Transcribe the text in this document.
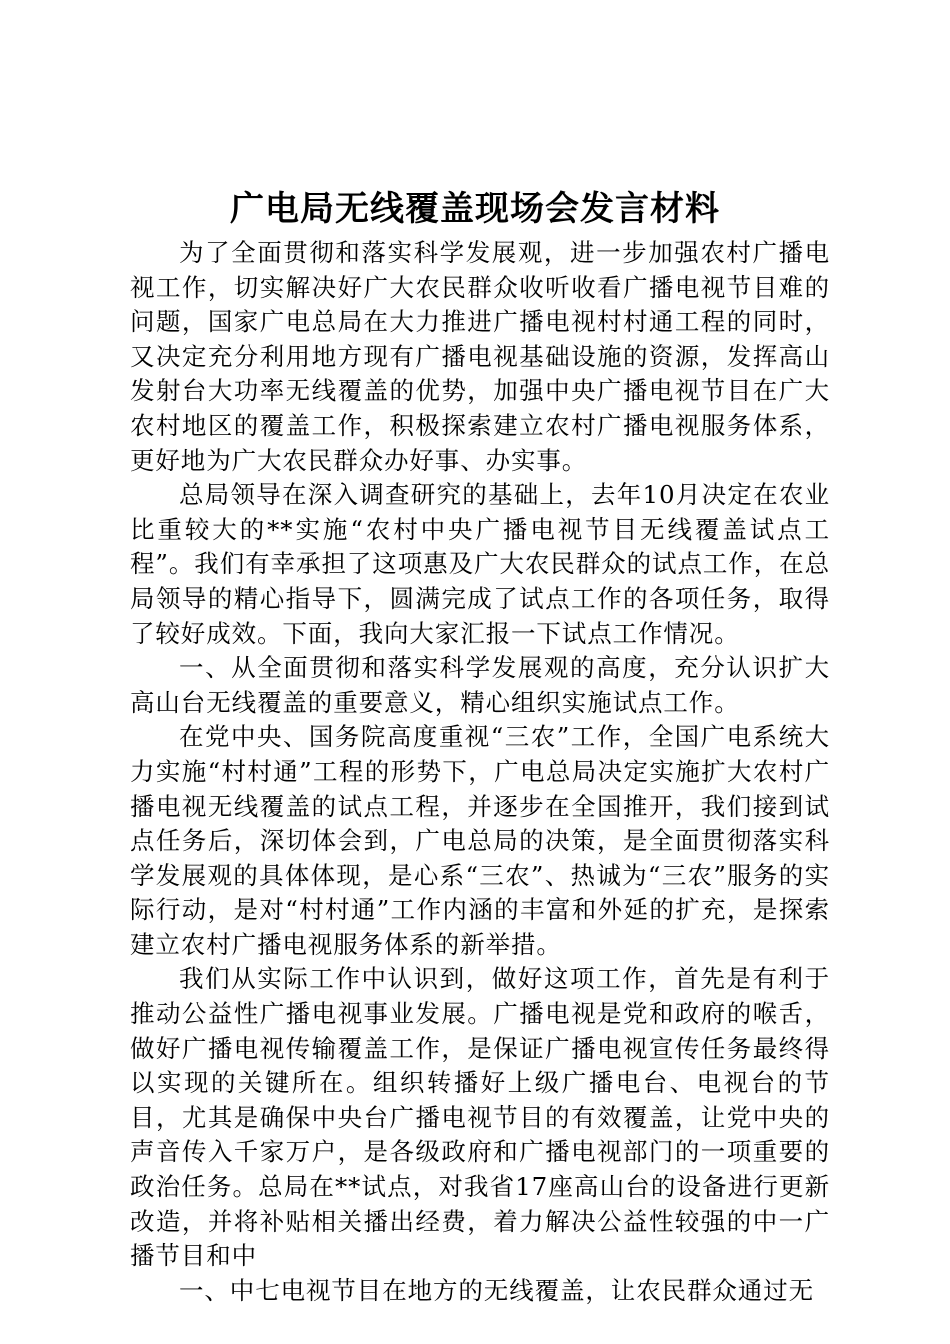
广电局无线覆盖现场会发言材料

为了全面贯彻和落实科学发展观，进一步加强农村广播电视工作，切实解决好广大农民群众收听收看广播电视节目难的问题，国家广电总局在大力推进广播电视村村通工程的同时，又决定充分利用地方现有广播电视基础设施的资源，发挥高山发射台大功率无线覆盖的优势，加强中央广播电视节目在广大农村地区的覆盖工作，积极探索建立农村广播电视服务体系，更好地为广大农民群众办好事、办实事。

总局领导在深入调查研究的基础上，去年10月决定在农业比重较大的**实施“农村中央广播电视节目无线覆盖试点工程”。我们有幸承担了这项惠及广大农民群众的试点工作，在总局领导的精心指导下，圆满完成了试点工作的各项任务，取得了较好成效。下面，我向大家汇报一下试点工作情况。

一、从全面贯彻和落实科学发展观的高度，充分认识扩大高山台无线覆盖的重要意义，精心组织实施试点工作。

在党中央、国务院高度重视“三农”工作，全国广电系统大力实施“村村通”工程的形势下，广电总局决定实施扩大农村广播电视无线覆盖的试点工程，并逐步在全国推开，我们接到试点任务后，深切体会到，广电总局的决策，是全面贯彻落实科学发展观的具体体现，是心系“三农”、热诚为“三农”服务的实际行动，是对“村村通”工作内涵的丰富和外延的扩充，是探索建立农村广播电视服务体系的新举措。

我们从实际工作中认识到，做好这项工作，首先是有利于推动公益性广播电视事业发展。广播电视是党和政府的喉舌，做好广播电视传输覆盖工作，是保证广播电视宣传任务最终得以实现的关键所在。组织转播好上级广播电台、电视台的节目，尤其是确保中央台广播电视节目的有效覆盖，让党中央的声音传入千家万户，是各级政府和广播电视部门的一项重要的政治任务。总局在**试点，对我省17座高山台的设备进行更新改造，并将补贴相关播出经费，着力解决公益性较强的中一广播节目和中

一、中七电视节目在地方的无线覆盖，让农民群众通过无
